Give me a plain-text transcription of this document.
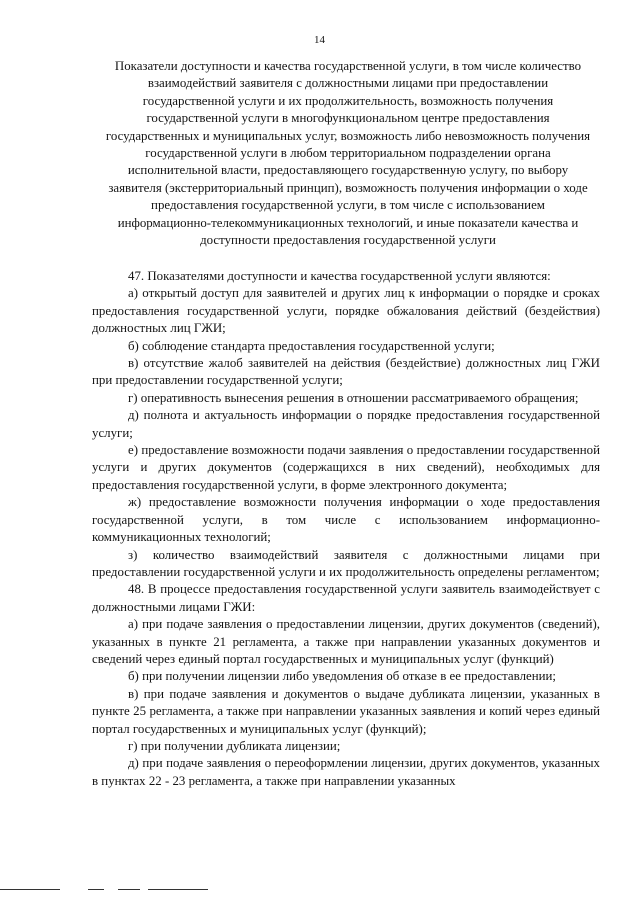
14
Показатели доступности и качества государственной услуги, в том числе количество взаимодействий заявителя с должностными лицами при предоставлении государственной услуги и их продолжительность, возможность получения государственной услуги в многофункциональном центре предоставления государственных и муниципальных услуг, возможность либо невозможность получения государственной услуги в любом территориальном подразделении органа исполнительной власти, предоставляющего государственную услугу, по выбору заявителя (экстерриториальный принцип), возможность получения информации о ходе предоставления государственной услуги, в том числе с использованием информационно-телекоммуникационных технологий, и иные показатели качества и доступности предоставления государственной услуги

47. Показателями доступности и качества государственной услуги являются:

а) открытый доступ для заявителей и других лиц к информации о порядке и сроках предоставления государственной услуги, порядке обжалования действий (бездействия) должностных лиц ГЖИ;

б) соблюдение стандарта предоставления государственной услуги;

в) отсутствие жалоб заявителей на действия (бездействие) должностных лиц ГЖИ при предоставлении государственной услуги;

г) оперативность вынесения решения в отношении рассматриваемого обращения;

д) полнота и актуальность информации о порядке предоставления государственной услуги;

е) предоставление возможности подачи заявления о предоставлении государственной услуги и других документов (содержащихся в них сведений), необходимых для предоставления государственной услуги, в форме электронного документа;

ж) предоставление возможности получения информации о ходе предоставления государственной услуги, в том числе с использованием информационно-коммуникационных технологий;

з) количество взаимодействий заявителя с должностными лицами при предоставлении государственной услуги и их продолжительность определены регламентом;

48. В процессе предоставления государственной услуги заявитель взаимодействует с должностными лицами ГЖИ:

а) при подаче заявления о предоставлении лицензии, других документов (сведений), указанных в пункте 21 регламента, а также при направлении указанных документов и сведений через единый портал государственных и муниципальных услуг (функций)

б) при получении лицензии либо уведомления об отказе в ее предоставлении;

в) при подаче заявления и документов о выдаче дубликата лицензии, указанных в пункте 25 регламента, а также при направлении указанных заявления и копий через единый портал государственных и муниципальных услуг (функций);

г) при получении дубликата лицензии;

д) при подаче заявления о переоформлении лицензии, других документов, указанных в пунктах 22 - 23 регламента, а также при направлении указанных
